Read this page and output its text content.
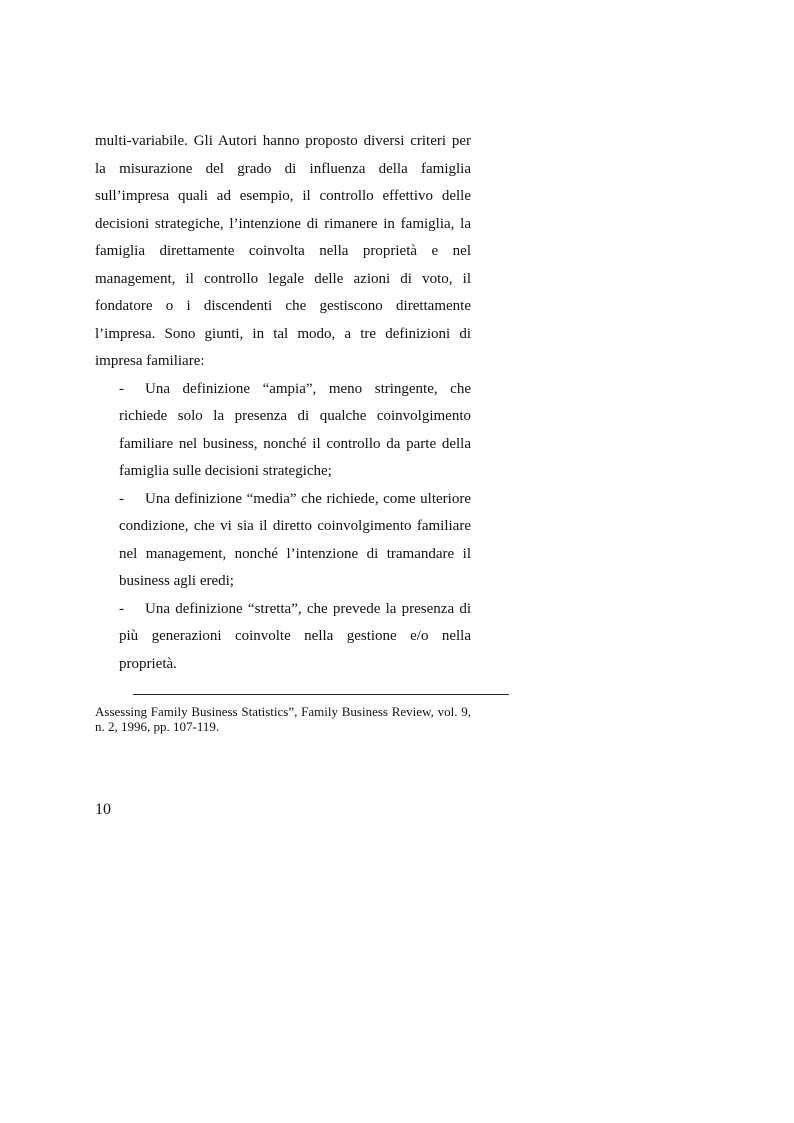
multi-variabile. Gli Autori hanno proposto diversi criteri per la misurazione del grado di influenza della famiglia sull’impresa quali ad esempio, il controllo effettivo delle decisioni strategiche, l’intenzione di rimanere in famiglia, la famiglia direttamente coinvolta nella proprietà e nel management, il controllo legale delle azioni di voto, il fondatore o i discendenti che gestiscono direttamente l’impresa. Sono giunti, in tal modo, a tre definizioni di impresa familiare:

- Una definizione “ampia”, meno stringente, che richiede solo la presenza di qualche coinvolgimento familiare nel business, nonché il controllo da parte della famiglia sulle decisioni strategiche;
- Una definizione “media” che richiede, come ulteriore condizione, che vi sia il diretto coinvolgimento familiare nel management, nonché l’intenzione di tramandare il business agli eredi;
- Una definizione “stretta”, che prevede la presenza di più generazioni coinvolte nella gestione e/o nella proprietà.

Assessing Family Business Statistics”, Family Business Review, vol. 9, n. 2, 1996, pp. 107-119.

10
